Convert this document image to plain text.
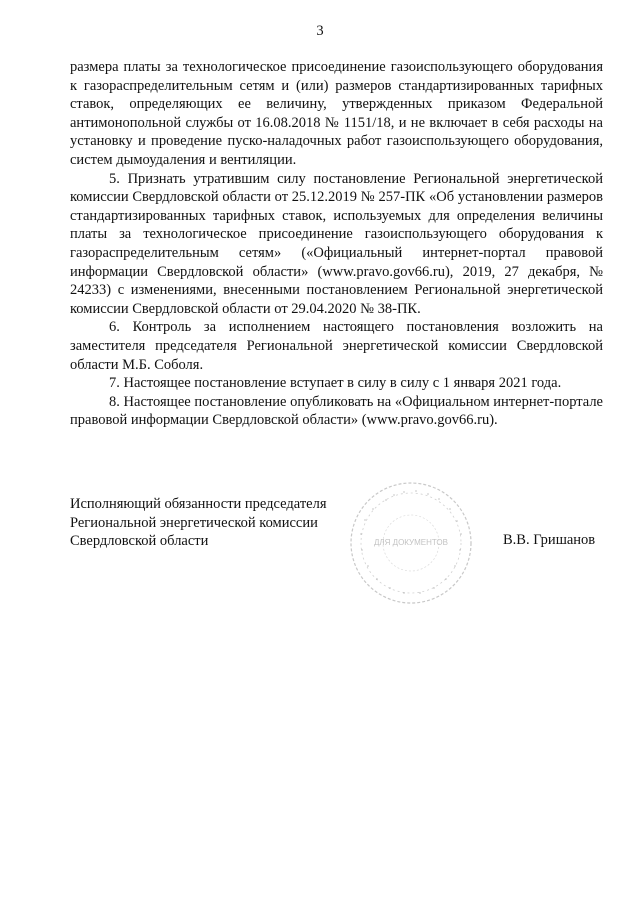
3

размера платы за технологическое присоединение газоиспользующего оборудования к газораспределительным сетям и (или) размеров стандартизированных тарифных ставок, определяющих ее величину, утвержденных приказом Федеральной антимонопольной службы от 16.08.2018 № 1151/18, и не включает в себя расходы на установку и проведение пуско-наладочных работ газоиспользующего оборудования, систем дымоудаления и вентиляции.

5. Признать утратившим силу постановление Региональной энергетической комиссии Свердловской области от 25.12.2019 № 257-ПК «Об установлении размеров стандартизированных тарифных ставок, используемых для определения величины платы за технологическое присоединение газоиспользующего оборудования к газораспределительным сетям» («Официальный интернет-портал правовой информации Свердловской области» (www.pravo.gov66.ru), 2019, 27 декабря, № 24233) с изменениями, внесенными постановлением Региональной энергетической комиссии Свердловской области от 29.04.2020 № 38-ПК.

6. Контроль за исполнением настоящего постановления возложить на заместителя председателя Региональной энергетической комиссии Свердловской области М.Б. Соболя.

7. Настоящее постановление вступает в силу в силу с 1 января 2021 года.

8. Настоящее постановление опубликовать на «Официальном интернет-портале правовой информации Свердловской области» (www.pravo.gov66.ru).

Исполняющий обязанности председателя
Региональной энергетической комиссии
Свердловской области	ДЛЯ ДОКУМЕНТОВ	В.В. Гришанов
